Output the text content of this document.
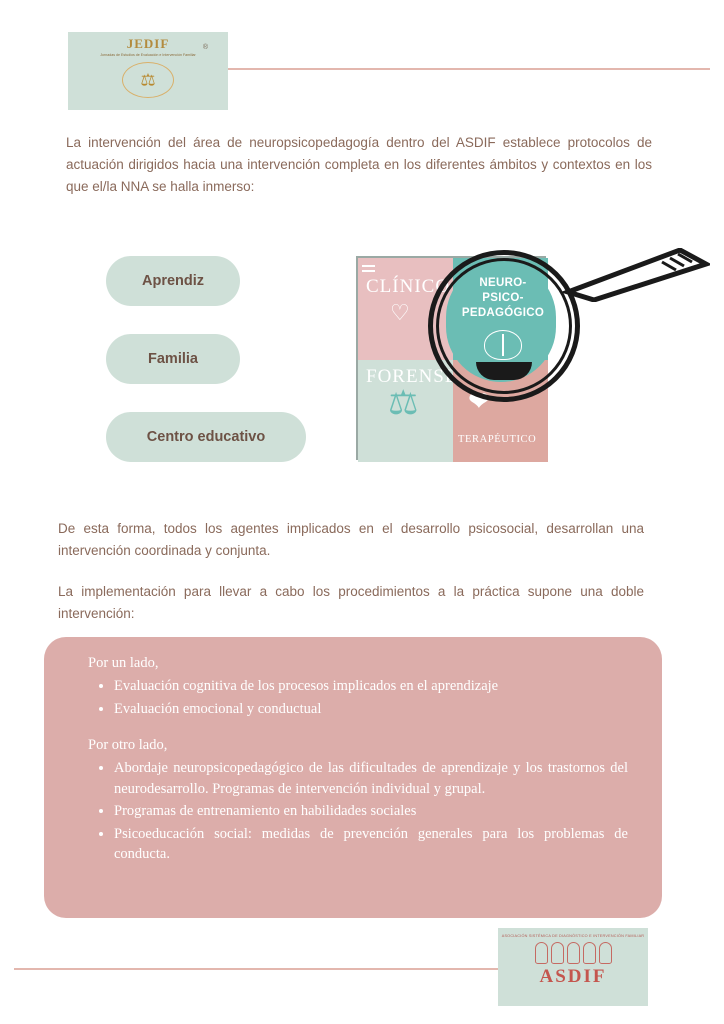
®
JEDIF
Jornadas de Estudios de Evaluación e Intervención Familiar
⚖
La intervención del área de neuropsicopedagogía dentro del ASDIF establece protocolos de actuación dirigidos hacia una intervención completa en los diferentes ámbitos y contextos en los que el/la NNA se halla inmerso:
Aprendiz
Familia
Centro educativo
CLÍNICO
FORENSE
TERAPÉUTICO
♡
⚖ ❤
NEURO-
PSICO-
PEDAGÓGICO
De esta forma, todos los agentes implicados en el desarrollo psicosocial, desarrollan una intervención coordinada y conjunta.
La implementación para llevar a cabo los procedimientos a la práctica supone una doble intervención:
Por un lado,
• Evaluación cognitiva de los procesos implicados en el aprendizaje
• Evaluación emocional y conductual
Por otro lado,
• Abordaje neuropsicopedagógico de las dificultades de aprendizaje y los trastornos del neurodesarrollo. Programas de intervención individual y grupal.
• Programas de entrenamiento en habilidades sociales
• Psicoeducación social: medidas de prevención generales para los problemas de conducta.
ASOCIACIÓN SISTÉMICA DE DIAGNÓSTICO E INTERVENCIÓN FAMILIAR
ASDIF
